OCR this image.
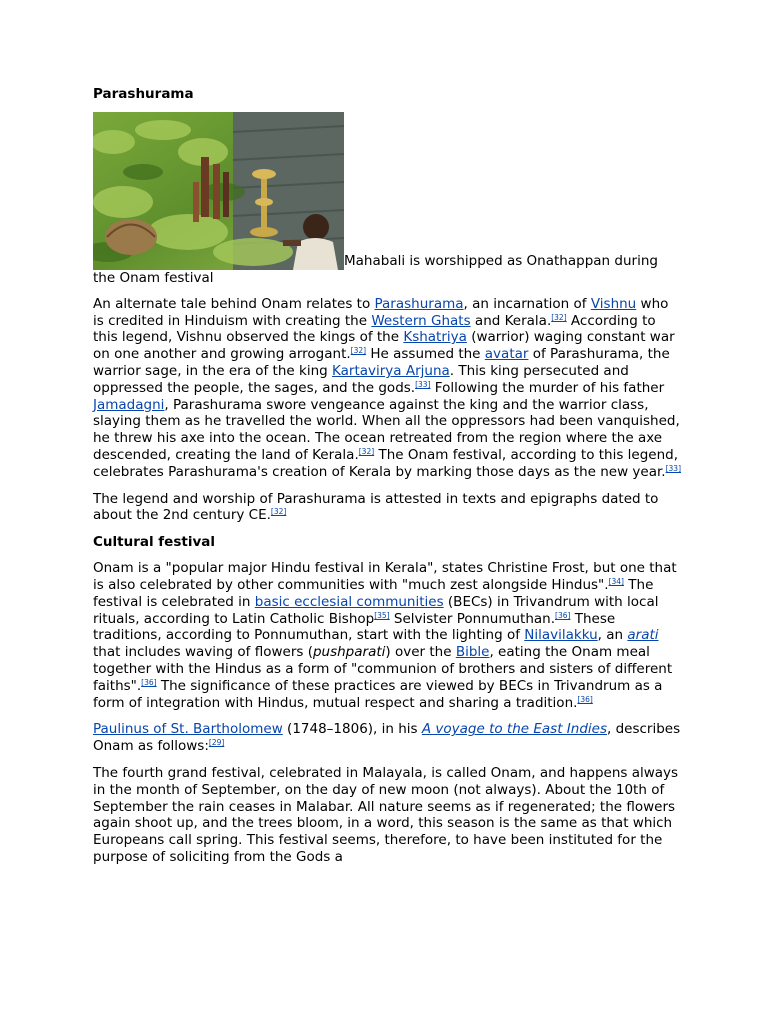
Parashurama

Mahabali is worshipped as Onathappan during the Onam festival

An alternate tale behind Onam relates to Parashurama, an incarnation of Vishnu who is credited in Hinduism with creating the Western Ghats and Kerala.[32] According to this legend, Vishnu observed the kings of the Kshatriya (warrior) waging constant war on one another and growing arrogant.[32] He assumed the avatar of Parashurama, the warrior sage, in the era of the king Kartavirya Arjuna. This king persecuted and oppressed the people, the sages, and the gods.[33] Following the murder of his father Jamadagni, Parashurama swore vengeance against the king and the warrior class, slaying them as he travelled the world. When all the oppressors had been vanquished, he threw his axe into the ocean. The ocean retreated from the region where the axe descended, creating the land of Kerala.[32] The Onam festival, according to this legend, celebrates Parashurama's creation of Kerala by marking those days as the new year.[33]

The legend and worship of Parashurama is attested in texts and epigraphs dated to about the 2nd century CE.[32]

Cultural festival

Onam is a "popular major Hindu festival in Kerala", states Christine Frost, but one that is also celebrated by other communities with "much zest alongside Hindus".[34] The festival is celebrated in basic ecclesial communities (BECs) in Trivandrum with local rituals, according to Latin Catholic Bishop[35] Selvister Ponnumuthan.[36] These traditions, according to Ponnumuthan, start with the lighting of Nilavilakku, an arati that includes waving of flowers (pushparati) over the Bible, eating the Onam meal together with the Hindus as a form of "communion of brothers and sisters of different faiths".[36] The significance of these practices are viewed by BECs in Trivandrum as a form of integration with Hindus, mutual respect and sharing a tradition.[36]

Paulinus of St. Bartholomew (1748–1806), in his A voyage to the East Indies, describes Onam as follows:[29]

The fourth grand festival, celebrated in Malayala, is called Onam, and happens always in the month of September, on the day of new moon (not always). About the 10th of September the rain ceases in Malabar. All nature seems as if regenerated; the flowers again shoot up, and the trees bloom, in a word, this season is the same as that which Europeans call spring. This festival seems, therefore, to have been instituted for the purpose of soliciting from the Gods a
